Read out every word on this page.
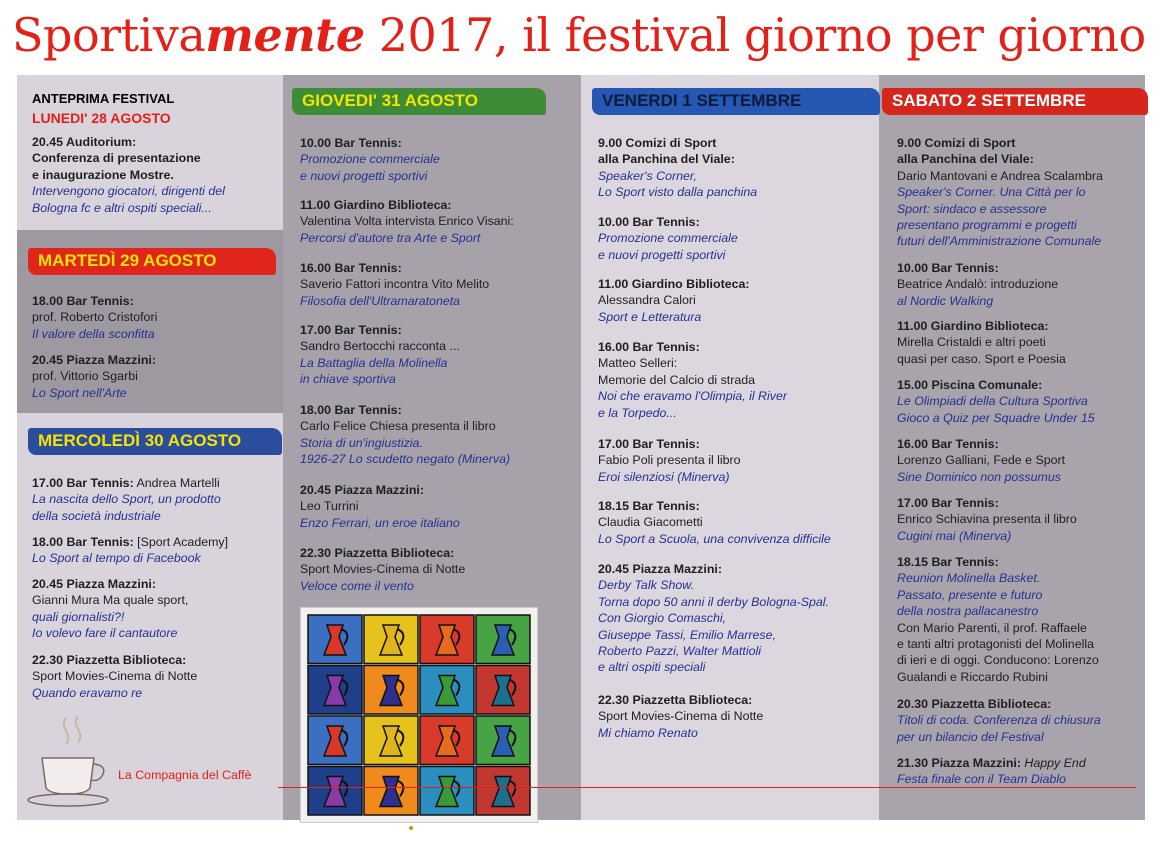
Sportivamente 2017, il festival giorno per giorno
ANTEPRIMA FESTIVAL
LUNEDI' 28 AGOSTO
MARTEDÌ 29 AGOSTO
MERCOLEDÌ 30 AGOSTO
GIOVEDI' 31 AGOSTO	VENERDI 1 SETTEMBRE	SABATO 2 SETTEMBRE
20.45 Auditorium:
Conferenza di presentazione
e inaugurazione Mostre.
Intervengono giocatori, dirigenti del
Bologna fc e altri ospiti speciali...
18.00 Bar Tennis:
prof. Roberto Cristofori
Il valore della sconfitta
20.45 Piazza Mazzini:
prof. Vittorio Sgarbi
Lo Sport nell'Arte
17.00 Bar Tennis: Andrea Martelli
La nascita dello Sport, un prodotto
della società industriale
18.00 Bar Tennis: [Sport Academy]
Lo Sport al tempo di Facebook
20.45 Piazza Mazzini:
Gianni Mura Ma quale sport,
quali giornalisti?!
Io volevo fare il cantautore
22.30 Piazzetta Biblioteca:
Sport Movies-Cinema di Notte
Quando eravamo re
10.00 Bar Tennis:
Promozione commerciale
e nuovi progetti sportivi
11.00 Giardino Biblioteca:
Valentina Volta intervista Enrico Visani:
Percorsi d'autore tra Arte e Sport
16.00 Bar Tennis:
Saverio Fattori incontra Vito Melito
Filosofia dell'Ultramaratoneta
17.00 Bar Tennis:
Sandro Bertocchi racconta ...
La Battaglia della Molinella
in chiave sportiva
18.00 Bar Tennis:
Carlo Felice Chiesa presenta il libro
Storia di un'ingiustizia.
1926-27 Lo scudetto negato (Minerva)
20.45 Piazza Mazzini:
Leo Turrini
Enzo Ferrari, un eroe italiano
22.30 Piazzetta Biblioteca:
Sport Movies-Cinema di Notte
Veloce come il vento
9.00 Comizi di Sport
alla Panchina del Viale:
Speaker's Corner,
Lo Sport visto dalla panchina
10.00 Bar Tennis:
Promozione commerciale
e nuovi progetti sportivi
11.00 Giardino Biblioteca:
Alessandra Calori
Sport e Letteratura
16.00 Bar Tennis:
Matteo Selleri:
Memorie del Calcio di strada
Noi che eravamo l'Olimpia, il River
e la Torpedo...
17.00 Bar Tennis:
Fabio Poli presenta il libro
Eroi silenziosi (Minerva)
18.15 Bar Tennis:
Claudia Giacometti
Lo Sport a Scuola, una convivenza difficile
20.45 Piazza Mazzini:
Derby Talk Show.
Torna dopo 50 anni il derby Bologna-Spal.
Con Giorgio Comaschi,
Giuseppe Tassi, Emilio Marrese,
Roberto Pazzi, Walter Mattioli
e altri ospiti speciali
22.30 Piazzetta Biblioteca:
Sport Movies-Cinema di Notte
Mi chiamo Renato
9.00 Comizi di Sport
alla Panchina del Viale:
Dario Mantovani e Andrea Scalambra
Speaker's Corner. Una Città per lo
Sport: sindaco e assessore
presentano programmi e progetti
futuri dell'Amministrazione Comunale
10.00 Bar Tennis:
Beatrice Andalò: introduzione
al Nordic Walking
11.00 Giardino Biblioteca:
Mirella Cristaldi e altri poeti
quasi per caso. Sport e Poesia
15.00 Piscina Comunale:
Le Olimpiadi della Cultura Sportiva
Gioco a Quiz per Squadre Under 15
16.00 Bar Tennis:
Lorenzo Galliani, Fede e Sport
Sine Dominico non possumus
17.00 Bar Tennis:
Enrico Schiavina presenta il libro
Cugini mai (Minerva)
18.15 Bar Tennis:
Reunion Molinella Basket.
Passato, presente e futuro
della nostra pallacanestro
Con Mario Parenti, il prof. Raffaele
e tanti altri protagonisti del Molinella
di ieri e di oggi. Conducono: Lorenzo
Gualandi e Riccardo Rubini
20.30 Piazzetta Biblioteca:
Titoli di coda. Conferenza di chiusura
per un bilancio del Festival
21.30 Piazza Mazzini: Happy End
Festa finale con il Team Diablo
La Compagnia del Caffè
